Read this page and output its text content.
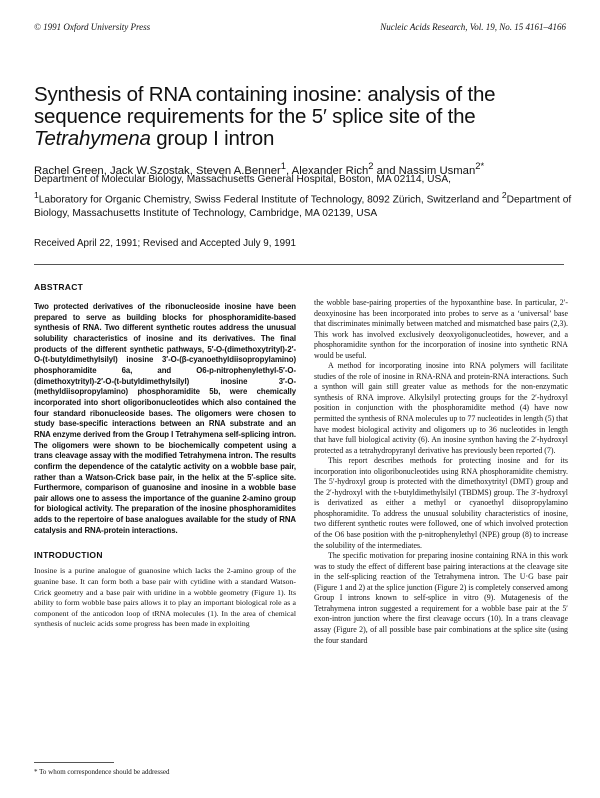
© 1991 Oxford University Press	Nucleic Acids Research, Vol. 19, No. 15 4161–4166
Synthesis of RNA containing inosine: analysis of the sequence requirements for the 5′ splice site of the Tetrahymena group I intron
Rachel Green, Jack W.Szostak, Steven A.Benner$^1$, Alexander Rich$^2$ and Nassim Usman$^{2*}$
Department of Molecular Biology, Massachusetts General Hospital, Boston, MA 02114, USA,
$^1$Laboratory for Organic Chemistry, Swiss Federal Institute of Technology, 8092 Zürich, Switzerland and $^2$Department of Biology, Massachusetts Institute of Technology, Cambridge, MA 02139, USA
Received April 22, 1991; Revised and Accepted July 9, 1991
ABSTRACT
Two protected derivatives of the ribonucleoside inosine have been prepared to serve as building blocks for phosphoramidite-based synthesis of RNA. Two different synthetic routes address the unusual solubility characteristics of inosine and its derivatives. The final products of the different synthetic pathways, 5′-O-(dimethoxytrityl)-2′-O-(t-butyldimethylsilyl) inosine 3′-O-(β-cyanoethyldiisopropylamino) phosphoramidite 6a, and O6-p-nitrophenylethyl-5′-O-(dimethoxytrityl)-2′-O-(t-butyldimethylsilyl) inosine 3′-O-(methyldiisopropylamino) phosphoramidite 5b, were chemically incorporated into short oligoribonucleotides which also contained the four standard ribonucleoside bases. The oligomers were chosen to study base-specific interactions between an RNA substrate and an RNA enzyme derived from the Group I Tetrahymena self-splicing intron. The oligomers were shown to be biochemically competent using a trans cleavage assay with the modified Tetrahymena intron. The results confirm the dependence of the catalytic activity on a wobble base pair, rather than a Watson-Crick base pair, in the helix at the 5′-splice site. Furthermore, comparison of guanosine and inosine in a wobble base pair allows one to assess the importance of the guanine 2-amino group for biological activity. The preparation of the inosine phosphoramidites adds to the repertoire of base analogues available for the study of RNA catalysis and RNA-protein interactions.
INTRODUCTION
Inosine is a purine analogue of guanosine which lacks the 2-amino group of the guanine base. It can form both a base pair with cytidine with a standard Watson-Crick geometry and a base pair with uridine in a wobble geometry (Figure 1). Its ability to form wobble base pairs allows it to play an important biological role as a component of the anticodon loop of tRNA molecules (1). In the area of chemical synthesis of nucleic acids some progress has been made in exploiting

the wobble base-pairing properties of the hypoxanthine base. In particular, 2′-deoxyinosine has been incorporated into probes to serve as a ‘universal’ base that discriminates minimally between matched and mismatched base pairs (2,3). This work has involved exclusively deoxyoligonucleotides, however, and a phosphoramidite synthon for the incorporation of inosine into synthetic RNA would be useful.

A method for incorporating inosine into RNA polymers will facilitate studies of the role of inosine in RNA-RNA and protein-RNA interactions. Such a synthon will gain still greater value as methods for the non-enzymatic synthesis of RNA improve. Alkylsilyl protecting groups for the 2′-hydroxyl position in conjunction with the phosphoramidite method (4) have now permitted the synthesis of RNA molecules up to 77 nucleotides in length (5) that have modest biological activity and oligomers up to 36 nucleotides in length that have full biological activity (6). An inosine synthon having the 2′-hydroxyl protected as a tetrahydropyranyl derivative has previously been reported (7).

This report describes methods for protecting inosine and for its incorporation into oligoribonucleotides using RNA phosphoramidite chemistry. The 5′-hydroxyl group is protected with the dimethoxytrityl (DMT) group and the 2′-hydroxyl with the t-butyldimethylsilyl (TBDMS) group. The 3′-hydroxyl is derivatized as either a methyl or cyanoethyl diisopropylamino phosphoramidite. To address the unusual solubility characteristics of inosine, two different synthetic routes were followed, one of which involved protection of the O6 base position with the p-nitrophenylethyl (NPE) group (8) to increase the solubility of the intermediates.

The specific motivation for preparing inosine containing RNA in this work was to study the effect of different base pairing interactions at the cleavage site in the self-splicing reaction of the Tetrahymena intron. The U·G base pair (Figure 1 and 2) at the splice junction (Figure 2) is completely conserved among Group I introns known to self-splice in vitro (9). Mutagenesis of the Tetrahymena intron suggested a requirement for a wobble base pair at the 5′ exon-intron junction where the first cleavage occurs (10). In a trans cleavage assay (Figure 2), of all possible base pair combinations at the splice site (using the four standard

* To whom correspondence should be addressed
